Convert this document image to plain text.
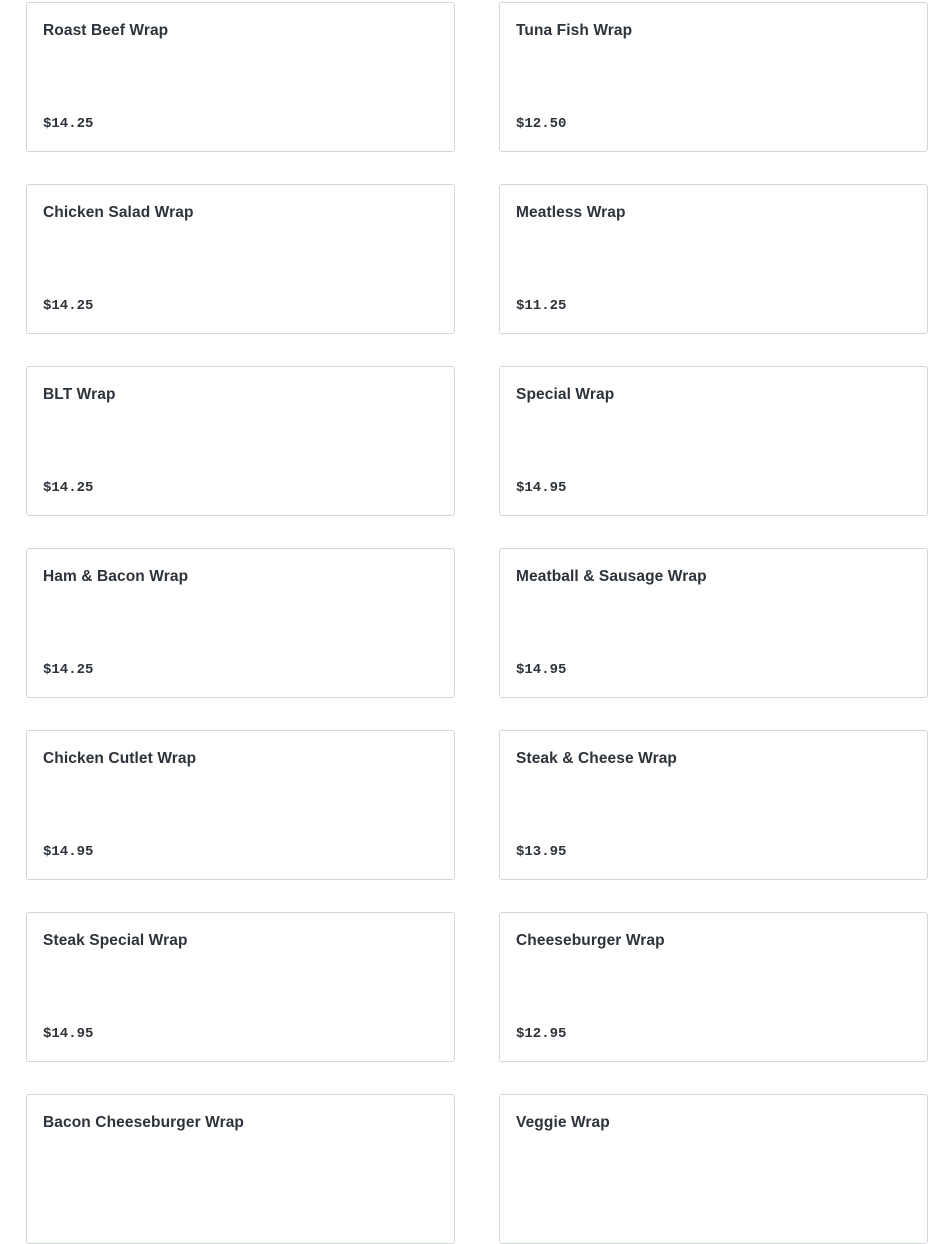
Roast Beef Wrap
$14.25
Tuna Fish Wrap
$12.50
Chicken Salad Wrap
$14.25
Meatless Wrap
$11.25
BLT Wrap
$14.25
Special Wrap
$14.95
Ham & Bacon Wrap
$14.25
Meatball & Sausage Wrap
$14.95
Chicken Cutlet Wrap
$14.95
Steak & Cheese Wrap
$13.95
Steak Special Wrap
$14.95
Cheeseburger Wrap
$12.95
Bacon Cheeseburger Wrap	Veggie Wrap
